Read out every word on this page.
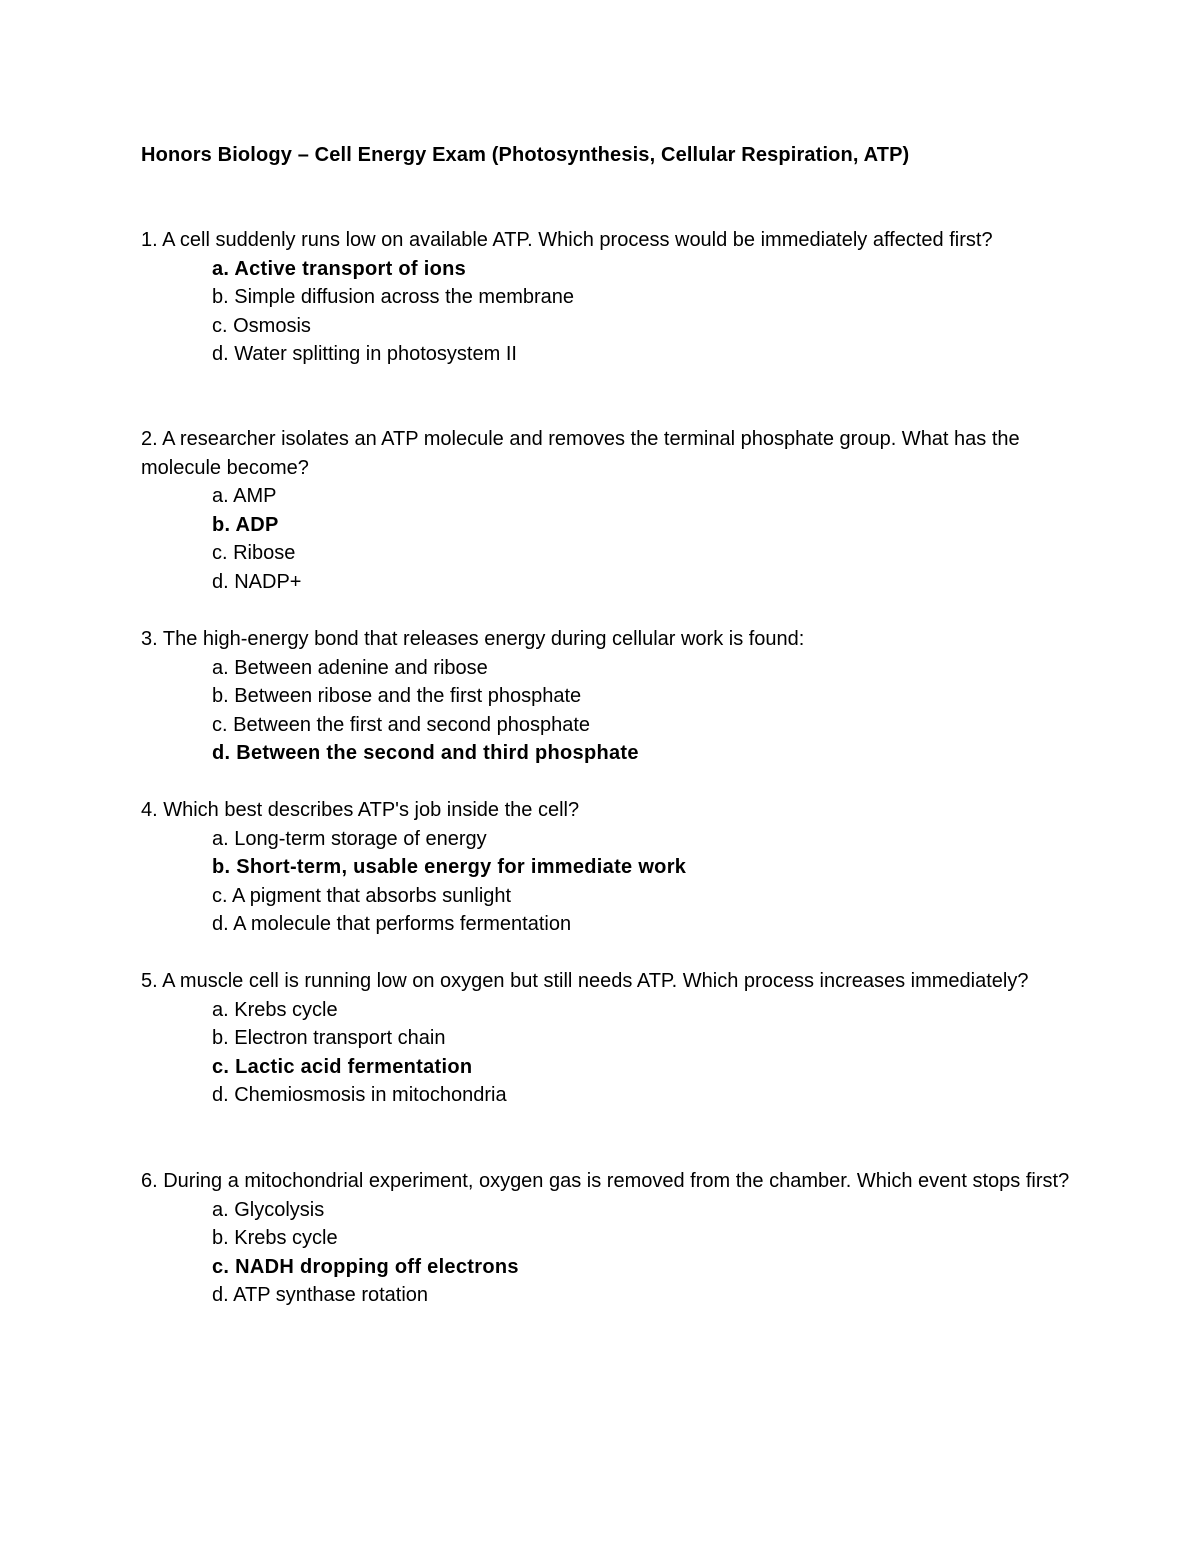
Honors Biology – Cell Energy Exam (Photosynthesis, Cellular Respiration, ATP)

1. A cell suddenly runs low on available ATP. Which process would be immediately affected first?

a. Active transport of ions
b. Simple diffusion across the membrane
c. Osmosis
d. Water splitting in photosystem II

2. A researcher isolates an ATP molecule and removes the terminal phosphate group. What has the molecule become?

a. AMP
b. ADP
c. Ribose
d. NADP+

3. The high-energy bond that releases energy during cellular work is found:

a. Between adenine and ribose
b. Between ribose and the first phosphate
c. Between the first and second phosphate
d. Between the second and third phosphate

4. Which best describes ATP's job inside the cell?

a. Long-term storage of energy
b. Short-term, usable energy for immediate work
c. A pigment that absorbs sunlight
d. A molecule that performs fermentation

5. A muscle cell is running low on oxygen but still needs ATP. Which process increases immediately?

a. Krebs cycle
b. Electron transport chain
c. Lactic acid fermentation
d. Chemiosmosis in mitochondria

6. During a mitochondrial experiment, oxygen gas is removed from the chamber. Which event stops first?

a. Glycolysis
b. Krebs cycle
c. NADH dropping off electrons
d. ATP synthase rotation
